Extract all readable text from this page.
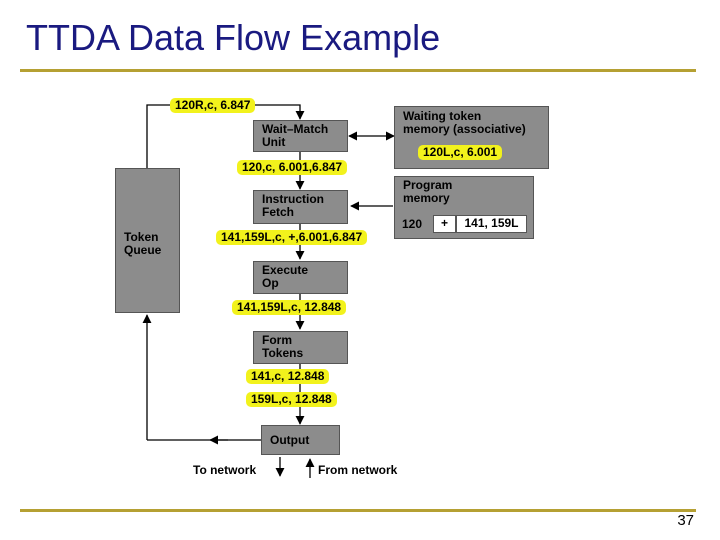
TTDA Data Flow Example
Token
Queue
Wait–Match
Unit
Instruction
Fetch
Execute
Op
Form
Tokens
Output
Waiting token
memory (associative)
Program
memory
120	+	141, 159L
120R,c, 6.847
120L,c, 6.001
120,c, 6.001,6.847
141,159L,c, +,6.001,6.847
141,159L,c, 12.848
141,c, 12.848
159L,c, 12.848
To network	From network
37
